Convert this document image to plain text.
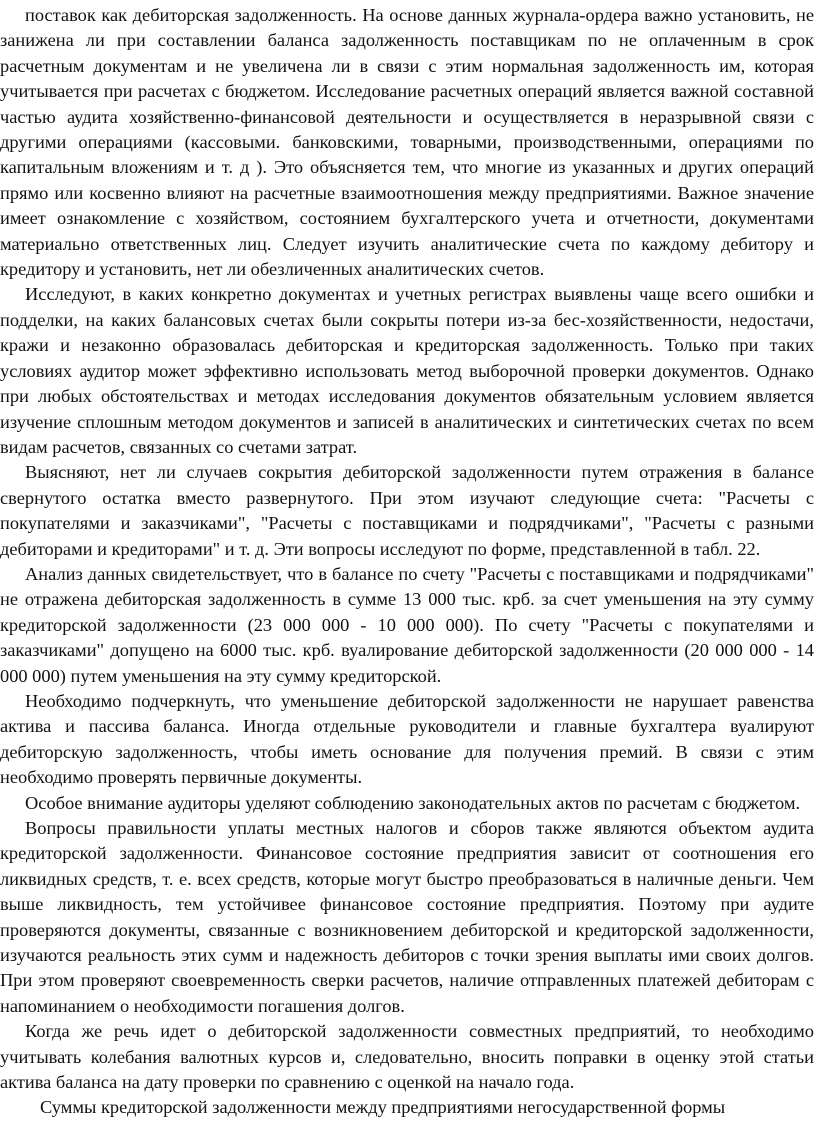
поставок как дебиторская задолженность. На основе данных журнала-ордера важно установить, не занижена ли при составлении баланса задолженность поставщикам по не оплаченным в срок расчетным документам и не увеличена ли в связи с этим нормальная задолженность им, которая учитывается при расчетах с бюджетом. Исследование расчетных операций является важной составной частью аудита хозяйственно-финансовой деятельности и осуществляется в неразрывной связи с другими операциями (кассовыми. банковскими, товарными, производственными, операциями по капитальным вложениям и т. д ). Это объясняется тем, что многие из указанных и других операций прямо или косвенно влияют на расчетные взаимоотношения между предприятиями. Важное значение имеет ознакомление с хозяйством, состоянием бухгалтерского учета и отчетности, документами материально ответственных лиц. Следует изучить аналитические счета по каждому дебитору и кредитору и установить, нет ли обезличенных аналитических счетов.

Исследуют, в каких конкретно документах и учетных регистрах выявлены чаще всего ошибки и подделки, на каких балансовых счетах были сокрыты потери из-за бес-хозяйственности, недостачи, кражи и незаконно образовалась дебиторская и кредиторская задолженность. Только при таких условиях аудитор может эффективно использовать метод выборочной проверки документов. Однако при любых обстоятельствах и методах исследования документов обязательным условием является изучение сплошным методом документов и записей в аналитических и синтетических счетах по всем видам расчетов, связанных со счетами затрат.

Выясняют, нет ли случаев сокрытия дебиторской задолженности путем отражения в балансе свернутого остатка вместо развернутого. При этом изучают следующие счета: "Расчеты с покупателями и заказчиками", "Расчеты с поставщиками и подрядчиками", "Расчеты с разными дебиторами и кредиторами" и т. д. Эти вопросы исследуют по форме, представленной в табл. 22.

Анализ данных свидетельствует, что в балансе по счету "Расчеты с поставщиками и подрядчиками" не отражена дебиторская задолженность в сумме 13 000 тыс. крб. за счет уменьшения на эту сумму кредиторской задолженности (23 000 000 - 10 000 000). По счету "Расчеты с покупателями и заказчиками" допущено на 6000 тыс. крб. вуалирование дебиторской задолженности (20 000 000 - 14 000 000) путем уменьшения на эту сумму кредиторской.

Необходимо подчеркнуть, что уменьшение дебиторской задолженности не нарушает равенства актива и пассива баланса. Иногда отдельные руководители и главные бухгалтера вуалируют дебиторскую задолженность, чтобы иметь основание для получения премий. В связи с этим необходимо проверять первичные документы.

Особое внимание аудиторы уделяют соблюдению законодательных актов по расчетам с бюджетом.

Вопросы правильности уплаты местных налогов и сборов также являются объектом аудита кредиторской задолженности. Финансовое состояние предприятия зависит от соотношения его ликвидных средств, т. е. всех средств, которые могут быстро преобразоваться в наличные деньги. Чем выше ликвидность, тем устойчивее финансовое состояние предприятия. Поэтому при аудите проверяются документы, связанные с возникновением дебиторской и кредиторской задолженности, изучаются реальность этих сумм и надежность дебиторов с точки зрения выплаты ими своих долгов. При этом проверяют своевременность сверки расчетов, наличие отправленных платежей дебиторам с напоминанием о необходимости погашения долгов.

Когда же речь идет о дебиторской задолженности совместных предприятий, то необходимо учитывать колебания валютных курсов и, следовательно, вносить поправки в оценку этой статьи актива баланса на дату проверки по сравнению с оценкой на начало года.

Суммы кредиторской задолженности между предприятиями негосударственной формы
